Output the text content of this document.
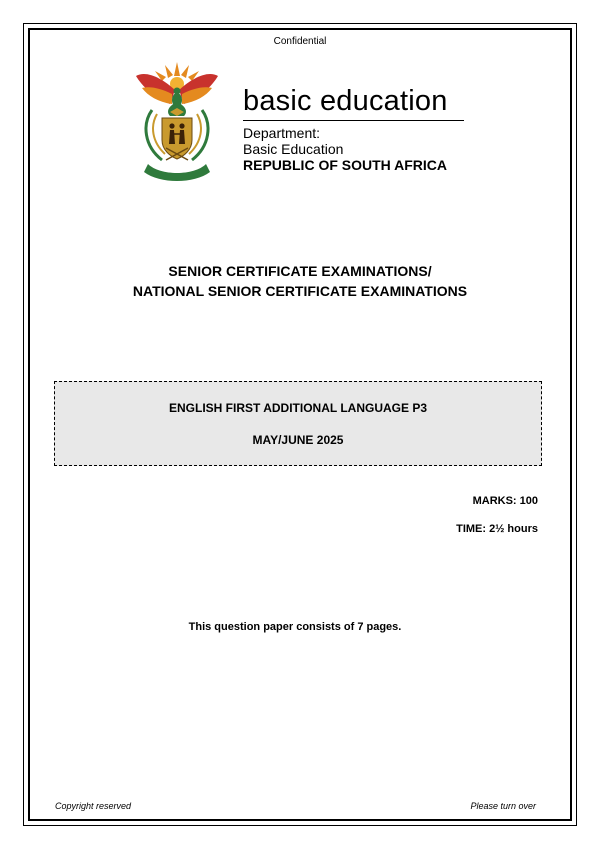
Confidential
basic education
Department:
Basic Education
REPUBLIC OF SOUTH AFRICA
SENIOR CERTIFICATE EXAMINATIONS/
NATIONAL SENIOR CERTIFICATE EXAMINATIONS
ENGLISH FIRST ADDITIONAL LANGUAGE P3
MAY/JUNE 2025
MARKS: 100
TIME: 2½ hours
This question paper consists of 7 pages.
Copyright reserved	Please turn over
